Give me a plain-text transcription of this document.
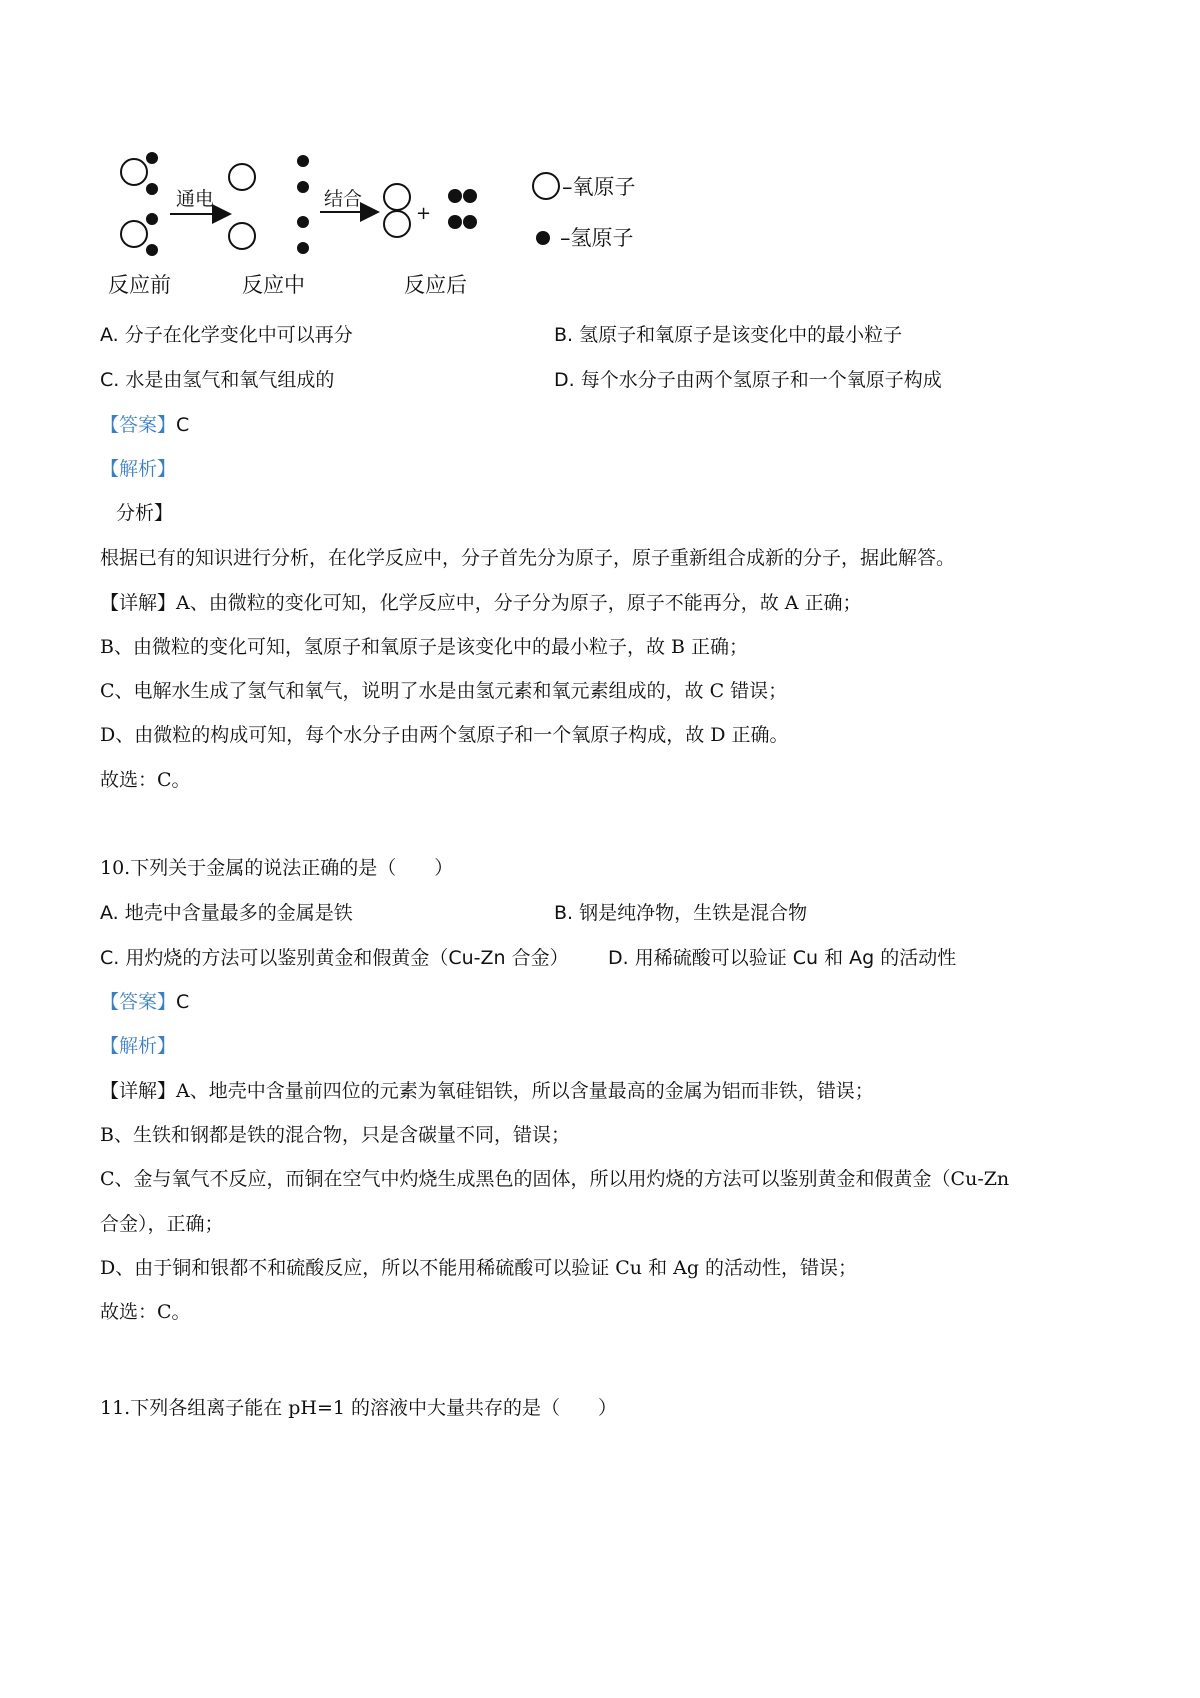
通电	结合
+
–氧原子
–氢原子
反应前	反应中	反应后
A. 分子在化学变化中可以再分	B. 氢原子和氧原子是该变化中的最小粒子
C. 水是由氢气和氧气组成的	D. 每个水分子由两个氢原子和一个氧原子构成
【答案】C
【解析】
分析】
根据已有的知识进行分析，在化学反应中，分子首先分为原子，原子重新组合成新的分子，据此解答。
【详解】A、由微粒的变化可知，化学反应中，分子分为原子，原子不能再分，故 A 正确；
B、由微粒的变化可知，氢原子和氧原子是该变化中的最小粒子，故 B 正确；
C、电解水生成了氢气和氧气，说明了水是由氢元素和氧元素组成的，故 C 错误；
D、由微粒的构成可知，每个水分子由两个氢原子和一个氧原子构成，故 D 正确。
故选：C。
10.下列关于金属的说法正确的是（　　）
A. 地壳中含量最多的金属是铁	B. 钢是纯净物，生铁是混合物
C. 用灼烧的方法可以鉴别黄金和假黄金（Cu-Zn 合金） D. 用稀硫酸可以验证 Cu 和 Ag 的活动性
【答案】C
【解析】
【详解】A、地壳中含量前四位的元素为氧硅铝铁，所以含量最高的金属为铝而非铁，错误；
B、生铁和钢都是铁的混合物，只是含碳量不同，错误；
C、金与氧气不反应，而铜在空气中灼烧生成黑色的固体，所以用灼烧的方法可以鉴别黄金和假黄金（Cu-Zn
合金），正确；
D、由于铜和银都不和硫酸反应，所以不能用稀硫酸可以验证 Cu 和 Ag 的活动性，错误；
故选：C。
11.下列各组离子能在 pH=1 的溶液中大量共存的是（　　）
